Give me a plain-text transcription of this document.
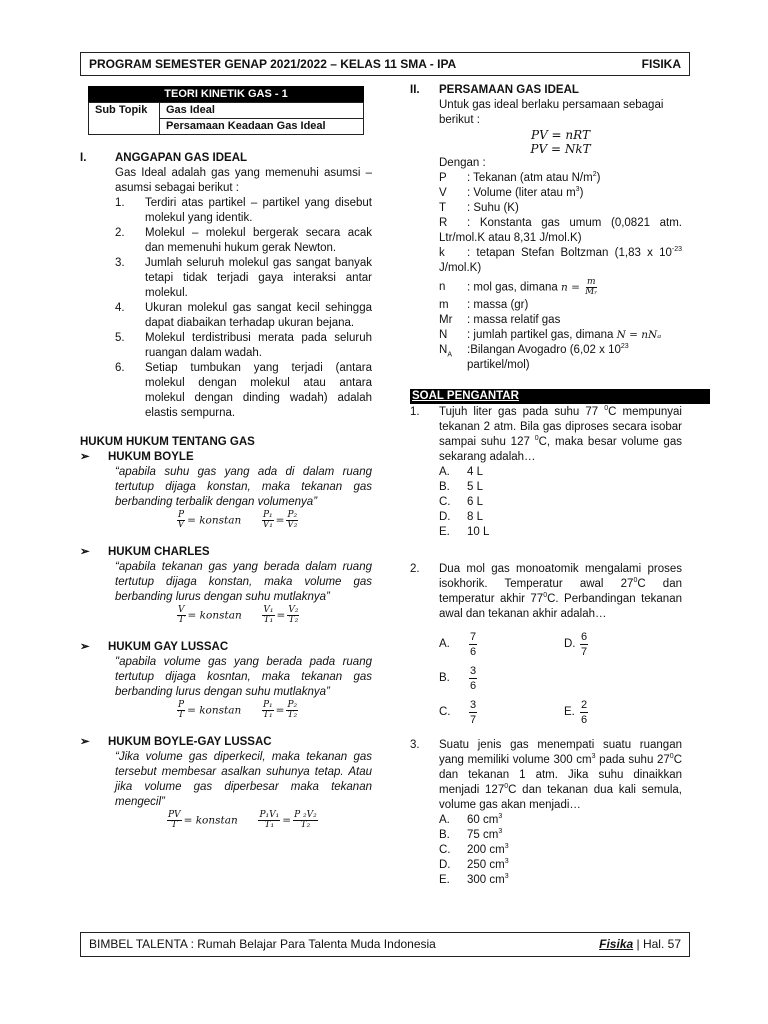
PROGRAM SEMESTER GENAP 2021/2022 – KELAS 11 SMA - IPA	FISIKA
TEORI KINETIK GAS - 1
Sub Topik	Gas Ideal
Persamaan Keadaan Gas Ideal
I.	ANGGAPAN GAS IDEAL
Gas Ideal adalah gas yang memenuhi asumsi – asumsi sebagai berikut :
1.	Terdiri atas partikel – partikel yang disebut molekul yang identik.
2.	Molekul – molekul bergerak secara acak dan memenuhi hukum gerak Newton.
3.	Jumlah seluruh molekul gas sangat banyak tetapi tidak terjadi gaya interaksi antar molekul.
4.	Ukuran molekul gas sangat kecil sehingga dapat diabaikan terhadap ukuran bejana.
5.	Molekul terdistribusi merata pada seluruh ruangan dalam wadah.
6.	Setiap tumbukan yang terjadi (antara molekul dengan molekul atau antara molekul dengan dinding wadah) adalah elastis sempurna.
HUKUM HUKUM TENTANG GAS
➢ HUKUM BOYLE
“apabila suhu gas yang ada di dalam ruang tertutup dijaga konstan, maka tekanan gas berbanding terbalik dengan volumenya”
$\frac{P}{V}$ = konstan $\frac{\text{P₁}}{\text{V₁}} = \frac{\text{P₂}}{\text{V₂}}$
➢ HUKUM CHARLES
“apabila tekanan gas yang berada dalam ruang tertutup dijaga konstan, maka volume gas berbanding lurus dengan suhu mutlaknya”
$\frac{V}{T}$ = konstan $\frac{\text{V₁}}{\text{T₁}} = \frac{\text{V₂}}{\text{T₂}}$
➢ HUKUM GAY LUSSAC
"apabila volume gas yang berada pada ruang tertutup dijaga kosntan, maka tekanan gas berbanding lurus dengan suhu mutlaknya”
$\frac{P}{T}$ = konstan $\frac{\text{P₁}}{\text{T₁}} = \frac{\text{P₂}}{\text{T₂}}$
➢ HUKUM BOYLE-GAY LUSSAC
“Jika volume gas diperkecil, maka tekanan gas tersebut membesar asalkan suhunya tetap. Atau jika volume gas diperbesar maka tekanan mengecil”
$\frac{PV}{T}$ = konstan $\frac{\text{P₁V₁}}{\text{T₁}} = \frac{\text{P ₂V₂}}{\text{T₂}}$
II.	PERSAMAAN GAS IDEAL
Untuk gas ideal berlaku persamaan sebagai berikut :
PV = nRT
PV = NkT
Dengan :
P	: Tekanan (atm atau $N/m^2$)
V	: Volume (liter atau $m^3$)
T	: Suhu (K)
R : Konstanta gas umum (0,0821 atm. Ltr/mol.K atau 8,31 J/mol.K)
k : tetapan Stefan Boltzman (1,83 x $10^{-23}$ J/mol.K)
n	: mol gas, dimana $n = \frac{m}{\text{Mᵣ}}$
m	: massa (gr)
Mr	: massa relatif gas
N	: jumlah partikel gas, dimana N = nNₐ
$N_A$	:Bilangan Avogadro (6,02 x $10^{23}$ partikel/mol)
SOAL PENGANTAR
1.	Tujuh liter gas pada suhu 77 $^0$C mempunyai tekanan 2 atm. Bila gas diproses secara isobar sampai suhu 127 $^0$C, maka besar volume gas sekarang adalah…
A.	4 L
B.	5 L
C.	6 L
D.	8 L
E.	10 L
2.	Dua mol gas monoatomik mengalami proses isokhorik. Temperatur awal $27^0C$ dan temperatur akhir $77^0C$. Perbandingan tekanan awal dan tekanan akhir adalah…
A.	$\frac{7}{6}$	D. $\frac{6}{7}$
B.	$\frac{3}{6}$
C.	$\frac{3}{7}$	E. $\frac{2}{6}$
3.	Suatu jenis gas menempati suatu ruangan yang memiliki volume 300 $cm^3$ pada suhu $27^0C$ dan tekanan 1 atm. Jika suhu dinaikkan menjadi $127^0C$ dan tekanan dua kali semula, volume gas akan menjadi…
A.	60 $cm^3$
B.	75 $cm^3$
C.	200 $cm^3$
D.	250 $cm^3$
E.	300 $cm^3$
BIMBEL TALENTA : Rumah Belajar Para Talenta Muda Indonesia	Fisika | Hal. 57
